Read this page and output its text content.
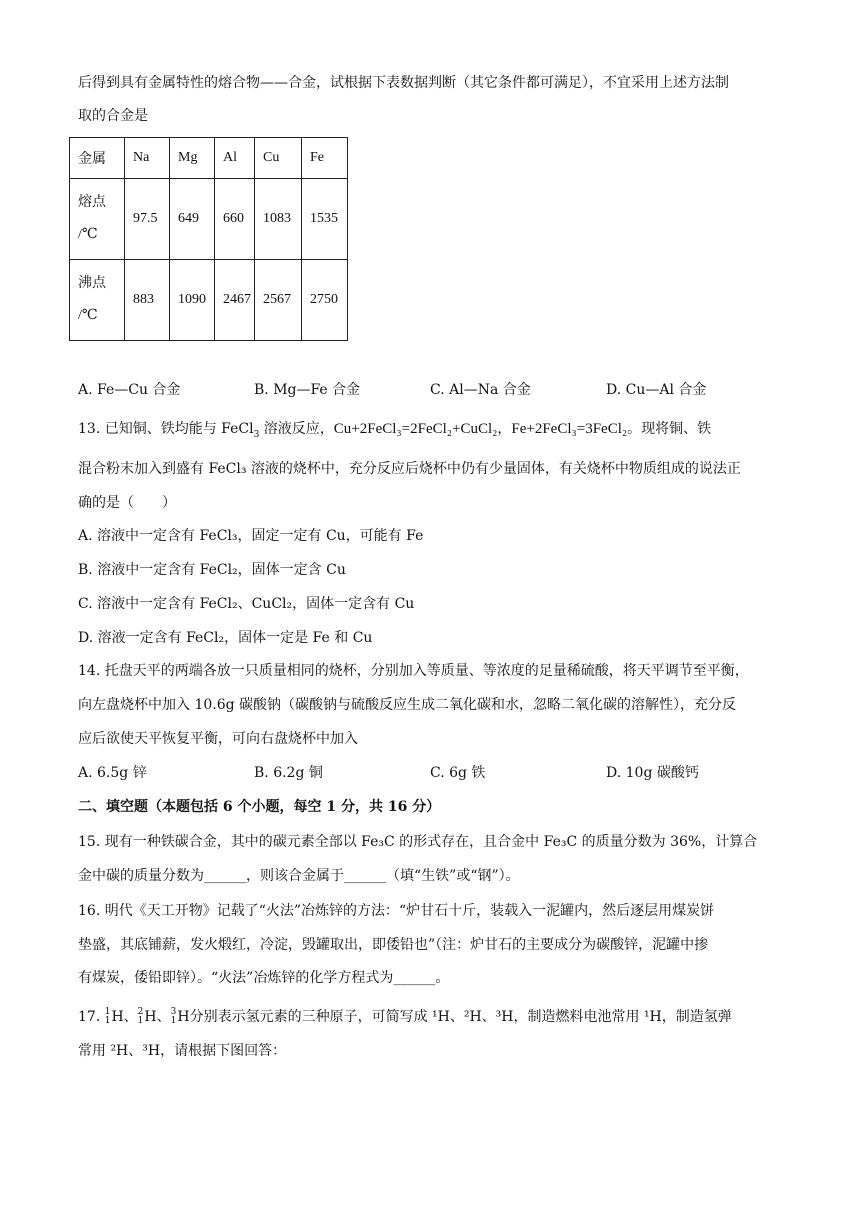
后得到具有金属特性的熔合物——合金，试根据下表数据判断（其它条件都可满足），不宜采用上述方法制
取的合金是
金属	Na	Mg	Al	Cu	Fe

熔点
/℃	97.5	649	660	1083	1535

沸点
/℃	883	1090	2467	2567	2750
A. Fe—Cu 合金	B. Mg—Fe 合金	C. Al—Na 合金	D. Cu—Al 合金
13. 已知铜、铁均能与 FeCl$_3$ 溶液反应，Cu+2FeCl₃=2FeCl₂+CuCl₂，Fe+2FeCl₃=3FeCl₂。现将铜、铁
混合粉末加入到盛有 FeCl₃ 溶液的烧杯中，充分反应后烧杯中仍有少量固体，有关烧杯中物质组成的说法正
确的是（　　）
A. 溶液中一定含有 FeCl₃，固定一定有 Cu，可能有 Fe
B. 溶液中一定含有 FeCl₂，固体一定含 Cu
C. 溶液中一定含有 FeCl₂、CuCl₂，固体一定含有 Cu
D. 溶液一定含有 FeCl₂，固体一定是 Fe 和 Cu
14. 托盘天平的两端各放一只质量相同的烧杯，分别加入等质量、等浓度的足量稀硫酸，将天平调节至平衡，
向左盘烧杯中加入 10.6g 碳酸钠（碳酸钠与硫酸反应生成二氧化碳和水，忽略二氧化碳的溶解性），充分反
应后欲使天平恢复平衡，可向右盘烧杯中加入
A. 6.5g 锌	B. 6.2g 铜	C. 6g 铁	D. 10g 碳酸钙
二、填空题（本题包括 6 个小题，每空 1 分，共 16 分）
15. 现有一种铁碳合金，其中的碳元素全部以 Fe₃C 的形式存在，且合金中 Fe₃C 的质量分数为 36%，计算合
金中碳的质量分数为______，则该合金属于______（填“生铁”或“钢”）。
16. 明代《天工开物》记载了“火法”冶炼锌的方法：“炉甘石十斤，装载入一泥罐内，然后逐层用煤炭饼
垫盛，其底铺薪，发火煅红，冷淀，毁罐取出，即倭铅也”（注：炉甘石的主要成分为碳酸锌，泥罐中掺
有煤炭，倭铅即锌）。“火法”冶炼锌的化学方程式为______。
17. 1
1 H、 2
1 H、 3
1 H分别表示氢元素的三种原子，可简写成 ¹H、²H、³H，制造燃料电池常用 ¹H，制造氢弹
常用 ²H、³H，请根据下图回答：
